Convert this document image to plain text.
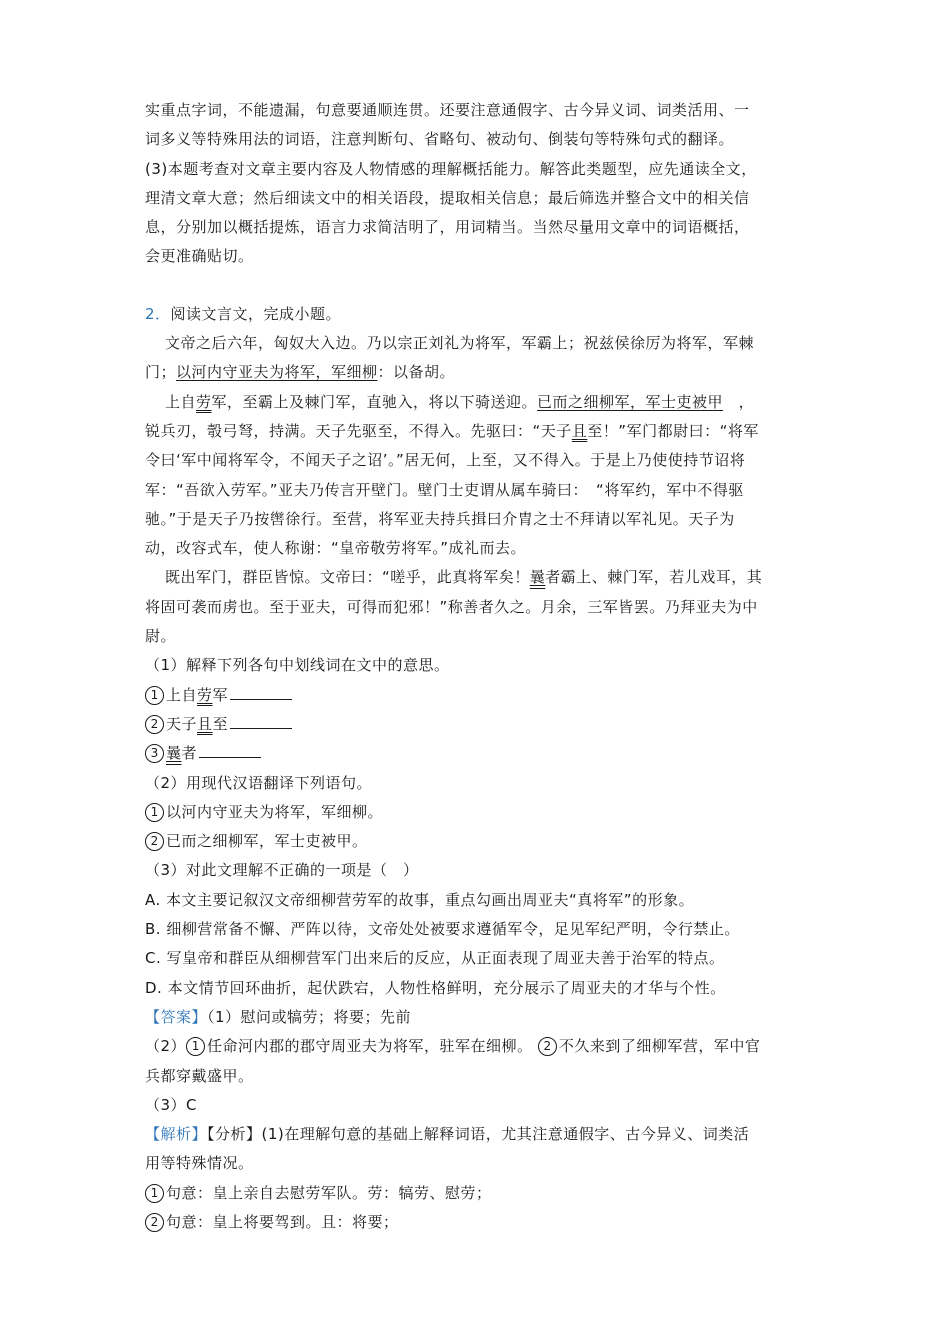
实重点字词，不能遗漏，句意要通顺连贯。还要注意通假字、古今异义词、词类活用、一
词多义等特殊用法的词语，注意判断句、省略句、被动句、倒装句等特殊句式的翻译。
(3)本题考查对文章主要内容及人物情感的理解概括能力。解答此类题型，应先通读全文，
理清文章大意；然后细读文中的相关语段，提取相关信息；最后筛选并整合文中的相关信
息，分别加以概括提炼，语言力求简洁明了，用词精当。当然尽量用文章中的词语概括，
会更准确贴切。
2．阅读文言文，完成小题。
文帝之后六年，匈奴大入边。乃以宗正刘礼为将军，军霸上；祝兹侯徐厉为将军，军棘
门；以河内守亚夫为将军，军细柳：以备胡。
上自劳军，至霸上及棘门军，直驰入，将以下骑送迎。已而之细柳军，军士吏被甲　，
锐兵刃，彀弓弩，持满。天子先驱至，不得入。先驱曰：“天子且至！”军门都尉曰：“将军
令曰‘军中闻将军令，不闻天子之诏’。”居无何，上至，又不得入。于是上乃使使持节诏将
军：“吾欲入劳军。”亚夫乃传言开壁门。壁门士吏谓从属车骑曰：　“将军约，军中不得驱
驰。”于是天子乃按辔徐行。至营，将军亚夫持兵揖曰介胄之士不拜请以军礼见。天子为
动，改容式车，使人称谢：“皇帝敬劳将军。”成礼而去。
既出军门，群臣皆惊。文帝曰：“嗟乎，此真将军矣！曩者霸上、棘门军，若儿戏耳，其
将固可袭而虏也。至于亚夫，可得而犯邪！”称善者久之。月余，三军皆罢。乃拜亚夫为中
尉。
（1）解释下列各句中划线词在文中的意思。
1 上自劳军
2 天子且至
3 曩者
（2）用现代汉语翻译下列语句。
1 以河内守亚夫为将军，军细柳。
2 已而之细柳军，军士吏被甲。
（3）对此文理解不正确的一项是（　）
A. 本文主要记叙汉文帝细柳营劳军的故事，重点勾画出周亚夫“真将军”的形象。
B. 细柳营常备不懈、严阵以待，文帝处处被要求遵循军令，足见军纪严明，令行禁止。
C. 写皇帝和群臣从细柳营军门出来后的反应，从正面表现了周亚夫善于治军的特点。
D. 本文情节回环曲折，起伏跌宕，人物性格鲜明，充分展示了周亚夫的才华与个性。
【答案】（1）慰问或犒劳；将要；先前
（2） 1 任命河内郡的郡守周亚夫为将军，驻军在细柳。 2 不久来到了细柳军营，军中官
兵都穿戴盛甲。
（3）C
【解析】【分析】(1)在理解句意的基础上解释词语，尤其注意通假字、古今异义、词类活
用等特殊情况。
1 句意：皇上亲自去慰劳军队。劳：犒劳、慰劳；
2 句意：皇上将要驾到。且：将要；
